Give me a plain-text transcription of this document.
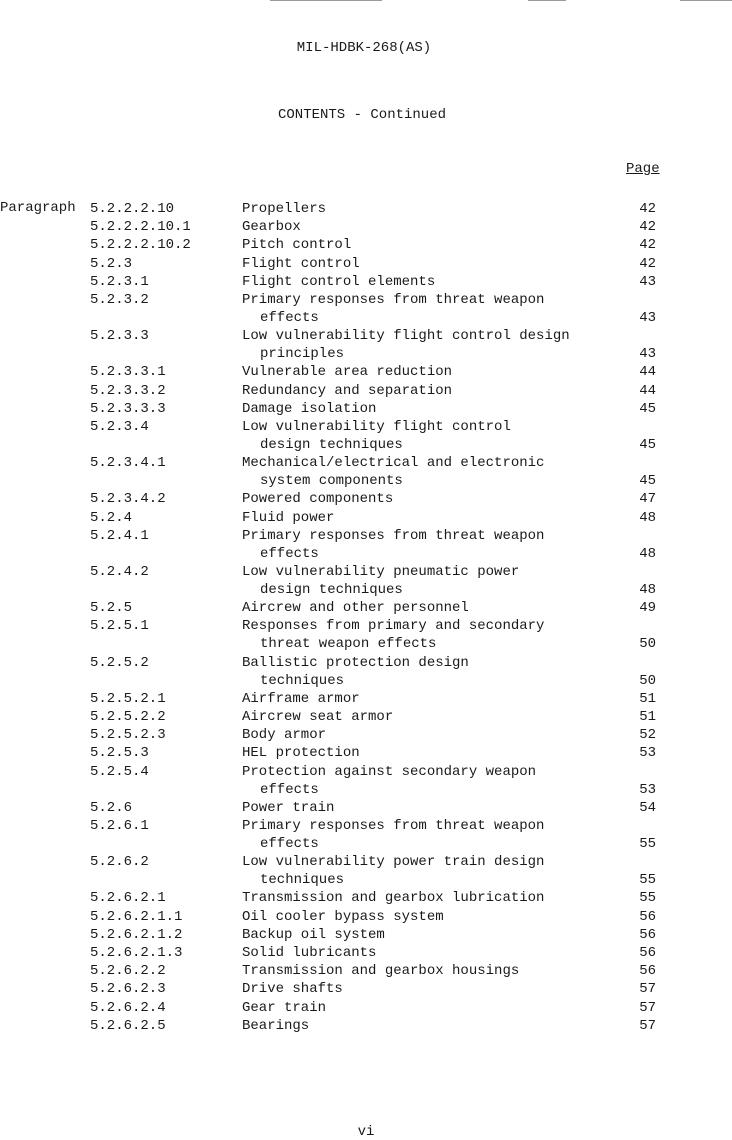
MIL-HDBK-268(AS)
CONTENTS - Continued
Page
Paragraph 5.2.2.2.10	Propellers	42
5.2.2.2.10.1	Gearbox	42
5.2.2.2.10.2	Pitch control	42
5.2.3	Flight control	42
5.2.3.1	Flight control elements	43
5.2.3.2	Primary responses from threat weapon
effects	43
5.2.3.3	Low vulnerability flight control design
principles	43
5.2.3.3.1	Vulnerable area reduction	44
5.2.3.3.2	Redundancy and separation	44
5.2.3.3.3	Damage isolation	45
5.2.3.4	Low vulnerability flight control
design techniques	45
5.2.3.4.1	Mechanical/electrical and electronic
system components	45
5.2.3.4.2	Powered components	47
5.2.4	Fluid power	48
5.2.4.1	Primary responses from threat weapon
effects	48
5.2.4.2	Low vulnerability pneumatic power
design techniques	48
5.2.5	Aircrew and other personnel	49
5.2.5.1	Responses from primary and secondary
threat weapon effects	50
5.2.5.2	Ballistic protection design
techniques	50
5.2.5.2.1	Airframe armor	51
5.2.5.2.2	Aircrew seat armor	51
5.2.5.2.3	Body armor	52
5.2.5.3	HEL protection	53
5.2.5.4	Protection against secondary weapon
effects	53
5.2.6	Power train	54
5.2.6.1	Primary responses from threat weapon
effects	55
5.2.6.2	Low vulnerability power train design
techniques	55
5.2.6.2.1	Transmission and gearbox lubrication	55
5.2.6.2.1.1	Oil cooler bypass system	56
5.2.6.2.1.2	Backup oil system	56
5.2.6.2.1.3	Solid lubricants	56
5.2.6.2.2	Transmission and gearbox housings	56
5.2.6.2.3	Drive shafts	57
5.2.6.2.4	Gear train	57
5.2.6.2.5	Bearings	57
vi
